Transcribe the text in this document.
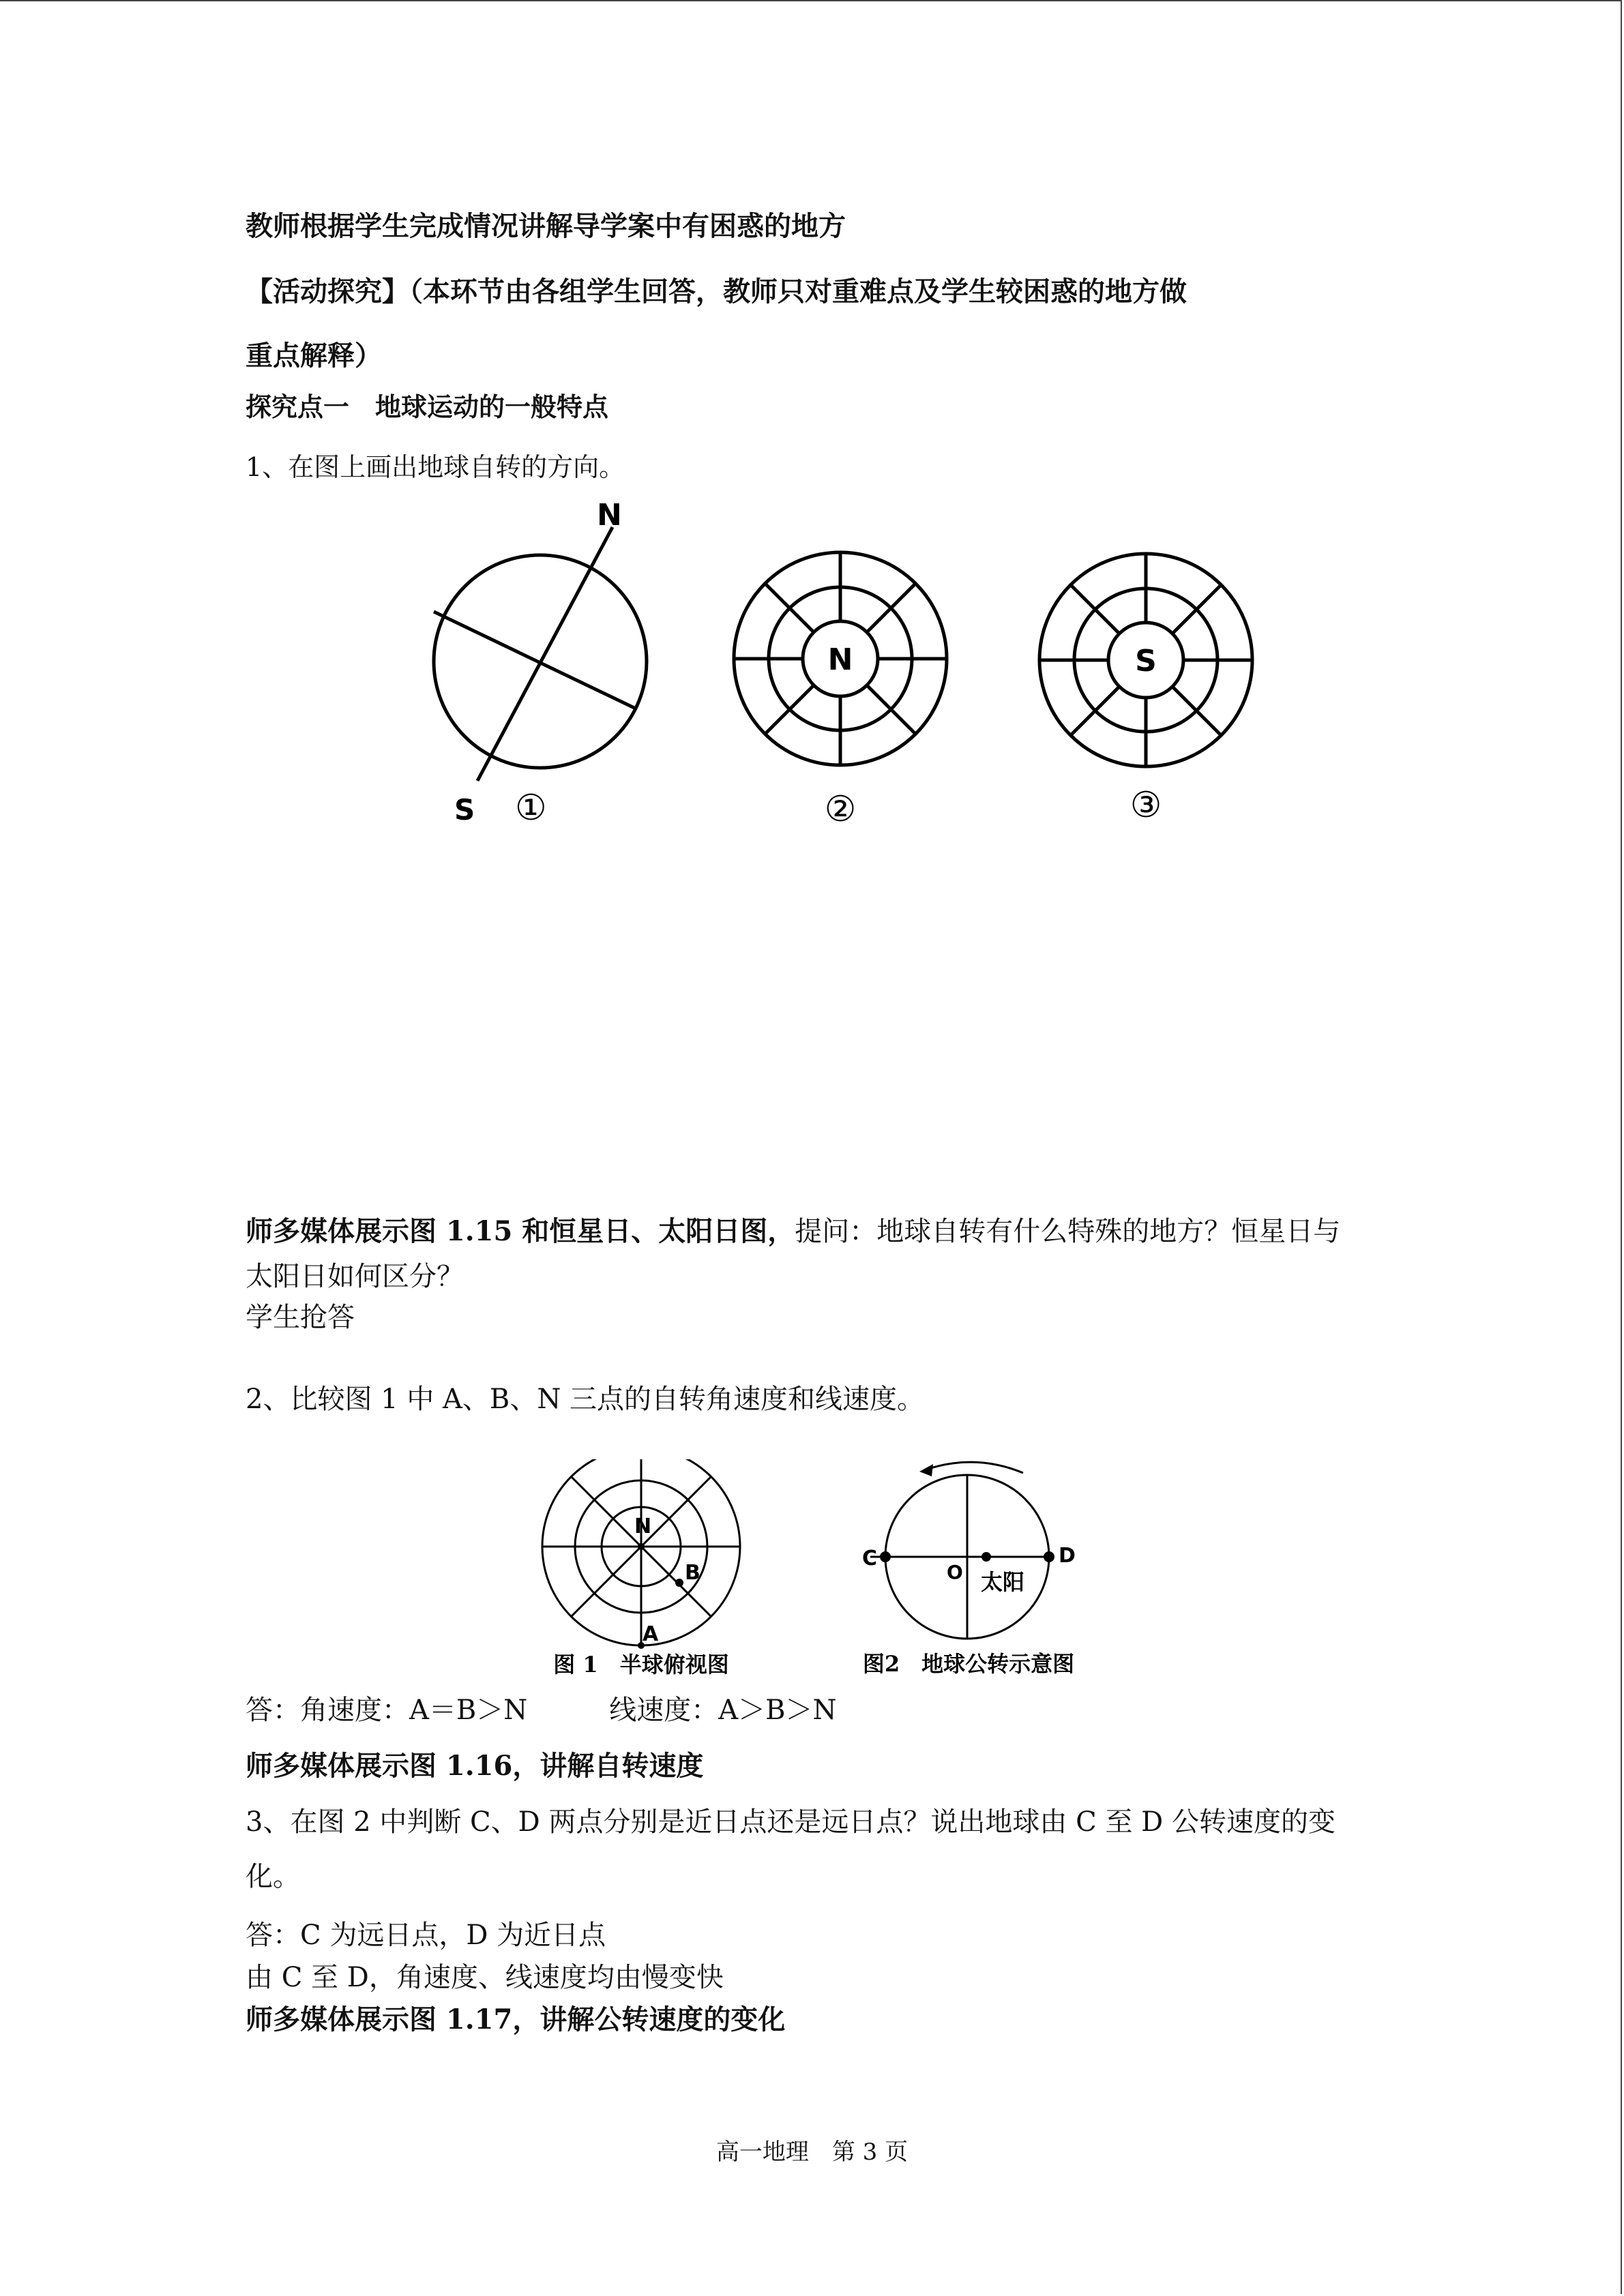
教师根据学生完成情况讲解导学案中有困惑的地方
【活动探究】（本环节由各组学生回答，教师只对重难点及学生较困惑的地方做
重点解释）
探究点一　地球运动的一般特点
1、在图上画出地球自转的方向。
N
S ①
N
②
S
③
师多媒体展示图 1.15 和恒星日、太阳日图，提问：地球自转有什么特殊的地方？恒星日与
太阳日如何区分？
学生抢答
2、比较图 1 中 A、B、N 三点的自转角速度和线速度。
N
B
A
图 1　半球俯视图
C	D
O 太阳
图2　地球公转示意图
答：角速度：A＝B＞N　　　线速度：A＞B＞N
师多媒体展示图 1.16，讲解自转速度
3、在图 2 中判断 C、D 两点分别是近日点还是远日点？说出地球由 C 至 D 公转速度的变
化。
答：C 为远日点，D 为近日点
由 C 至 D，角速度、线速度均由慢变快
师多媒体展示图 1.17，讲解公转速度的变化
高一地理　第 3 页
